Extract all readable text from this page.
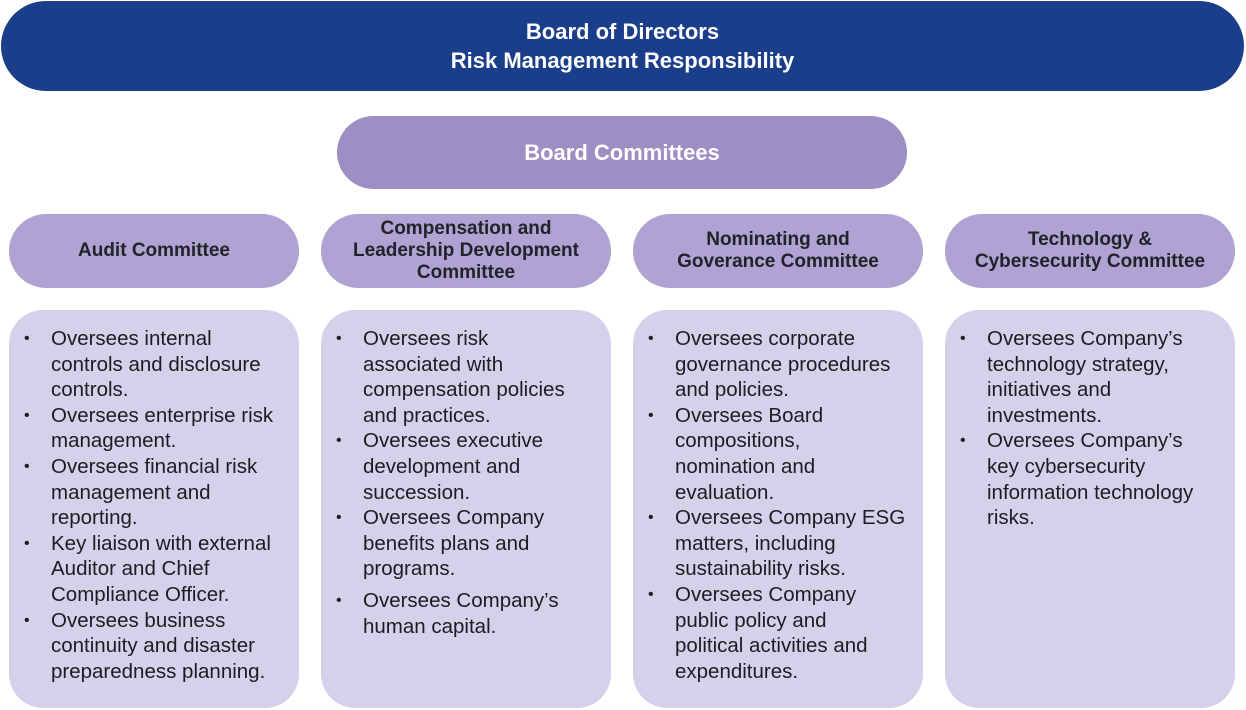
Board of Directors
Risk Management Responsibility
Board Committees
Audit Committee
Compensation and
Leadership Development
Committee
Nominating and
Goverance Committee
Technology &
Cybersecurity Committee
• Oversees internal
controls and disclosure
controls.
• Oversees enterprise risk
management.
• Oversees financial risk
management and
reporting.
• Key liaison with external
Auditor and Chief
Compliance Officer.
• Oversees business
continuity and disaster
preparedness planning.
• Oversees risk
associated with
compensation policies
and practices.
• Oversees executive
development and
succession.
• Oversees Company
benefits plans and
programs.
• Oversees Company’s
human capital.
• Oversees corporate
governance procedures
and policies.
• Oversees Board
compositions,
nomination and
evaluation.
• Oversees Company ESG
matters, including
sustainability risks.
• Oversees Company
public policy and
political activities and
expenditures.
• Oversees Company’s
technology strategy,
initiatives and
investments.
• Oversees Company’s
key cybersecurity
information technology
risks.
